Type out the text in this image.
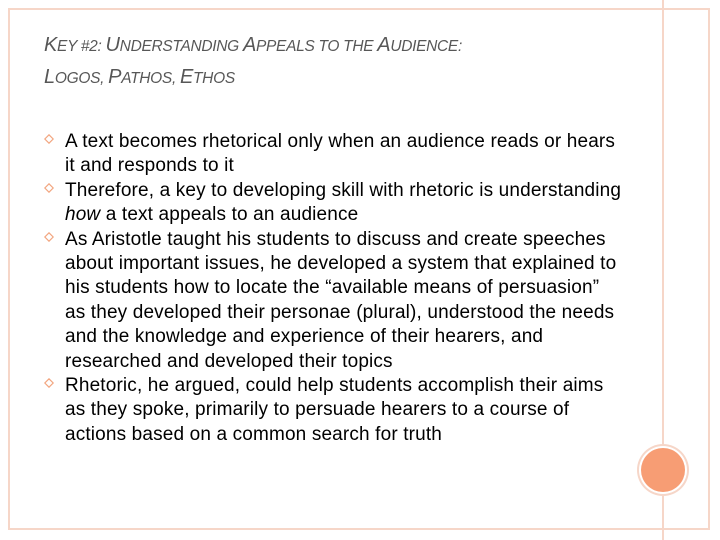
KEY #2: UNDERSTANDING APPEALS TO THE AUDIENCE:
LOGOS, PATHOS, ETHOS
A text becomes rhetorical only when an audience reads or hears it and responds to it
Therefore, a key to developing skill with rhetoric is understanding how a text appeals to an audience
As Aristotle taught his students to discuss and create speeches about important issues, he developed a system that explained to his students how to locate the “available means of persuasion” as they developed their personae (plural), understood the needs and the knowledge and experience of their hearers, and researched and developed their topics
Rhetoric, he argued, could help students accomplish their aims as they spoke, primarily to persuade hearers to a course of actions based on a common search for truth
